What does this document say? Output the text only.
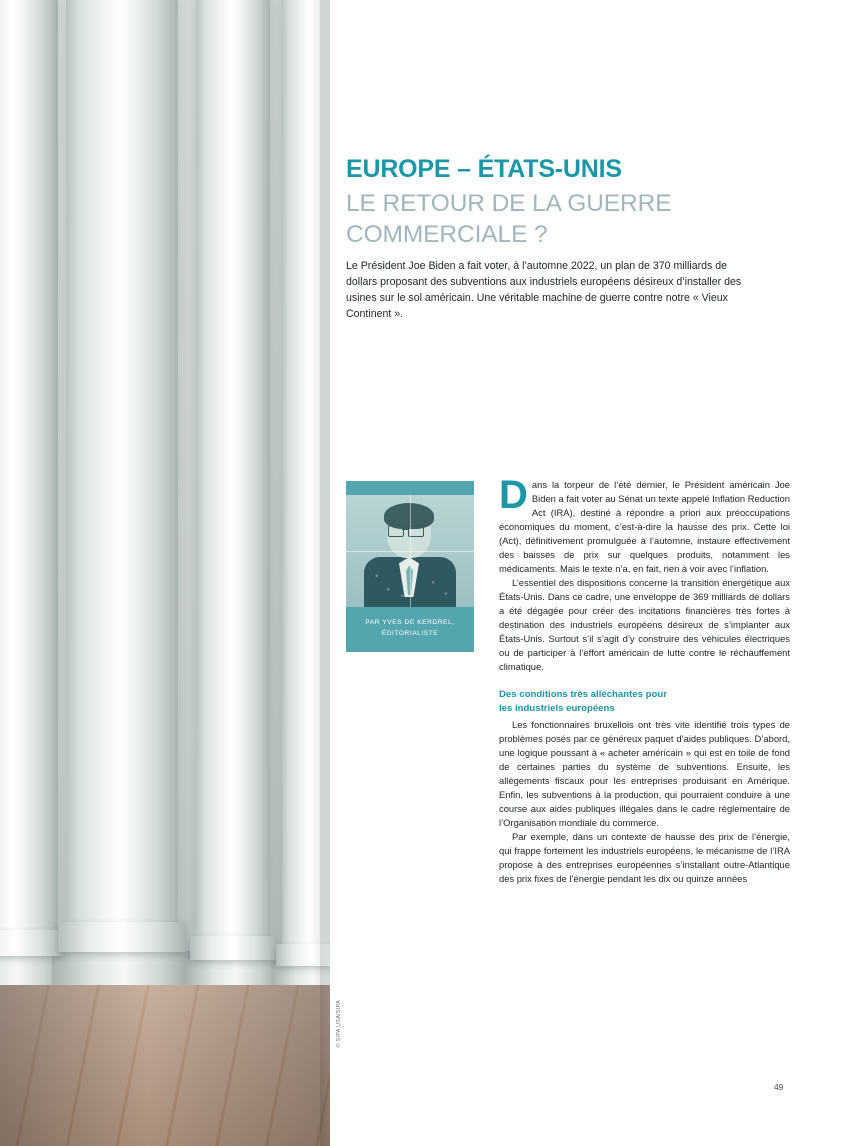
© SIPA USA/SIPA
EUROPE – ÉTATS-UNIS
LE RETOUR DE LA GUERRE
COMMERCIALE ?
Le Président Joe Biden a fait voter, à l’automne 2022, un plan de 370 milliards de dollars proposant des subventions aux industriels européens désireux d’installer des usines sur le sol américain. Une véritable machine de guerre contre notre « Vieux Continent ».
PAR YVES DE KERDREL,
ÉDITORIALISTE

Dans la torpeur de l’été dernier, le Président américain Joe Biden a fait voter au Sénat un texte appelé Inflation Reduction Act (IRA), destiné à répondre a priori aux préoccupations économiques du moment, c’est-à-dire la hausse des prix. Cette loi (Act), définitivement promulguée à l’automne, instaure effectivement des baisses de prix sur quelques produits, notamment les médicaments. Mais le texte n’a, en fait, rien à voir avec l’inflation.

L’essentiel des dispositions concerne la transition énergétique aux États-Unis. Dans ce cadre, une enveloppe de 369 milliards de dollars a été dégagée pour créer des incitations financières très fortes à destination des industriels européens désireux de s’implanter aux États-Unis. Surtout s’il s’agit d’y construire des véhicules électriques ou de participer à l’effort américain de lutte contre le réchauffement climatique.

Des conditions très alléchantes pour
les industriels européens

Les fonctionnaires bruxellois ont très vite identifié trois types de problèmes posés par ce généreux paquet d’aides publiques. D’abord, une logique poussant à « acheter américain » qui est en toile de fond de certaines parties du système de subventions. Ensuite, les allègements fiscaux pour les entreprises produisant en Amérique. Enfin, les subventions à la production, qui pourraient conduire à une course aux aides publiques illégales dans le cadre règlementaire de l’Organisation mondiale du commerce.

Par exemple, dans un contexte de hausse des prix de l’énergie, qui frappe fortement les industriels européens, le mécanisme de l’IRA propose à des entreprises européennes s’installant outre-Atlantique des prix fixes de l’énergie pendant les dix ou quinze années

49
